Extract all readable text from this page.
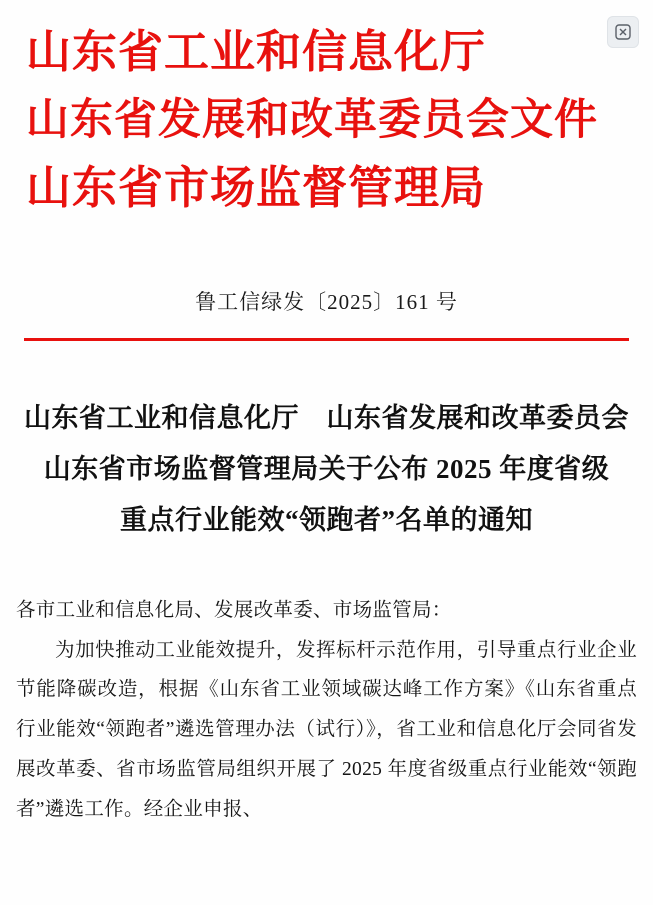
山东省工业和信息化厅
山东省发展和改革委员会文件
山东省市场监督管理局
鲁工信绿发〔2025〕161 号
山东省工业和信息化厅　山东省发展和改革委员会
山东省市场监督管理局关于公布 2025 年度省级
重点行业能效“领跑者”名单的通知
各市工业和信息化局、发展改革委、市场监管局：
为加快推动工业能效提升，发挥标杆示范作用，引导重点行业企业节能降碳改造，根据《山东省工业领域碳达峰工作方案》《山东省重点行业能效“领跑者”遴选管理办法（试行）》，省工业和信息化厅会同省发展改革委、省市场监管局组织开展了 2025 年度省级重点行业能效“领跑者”遴选工作。经企业申报、
